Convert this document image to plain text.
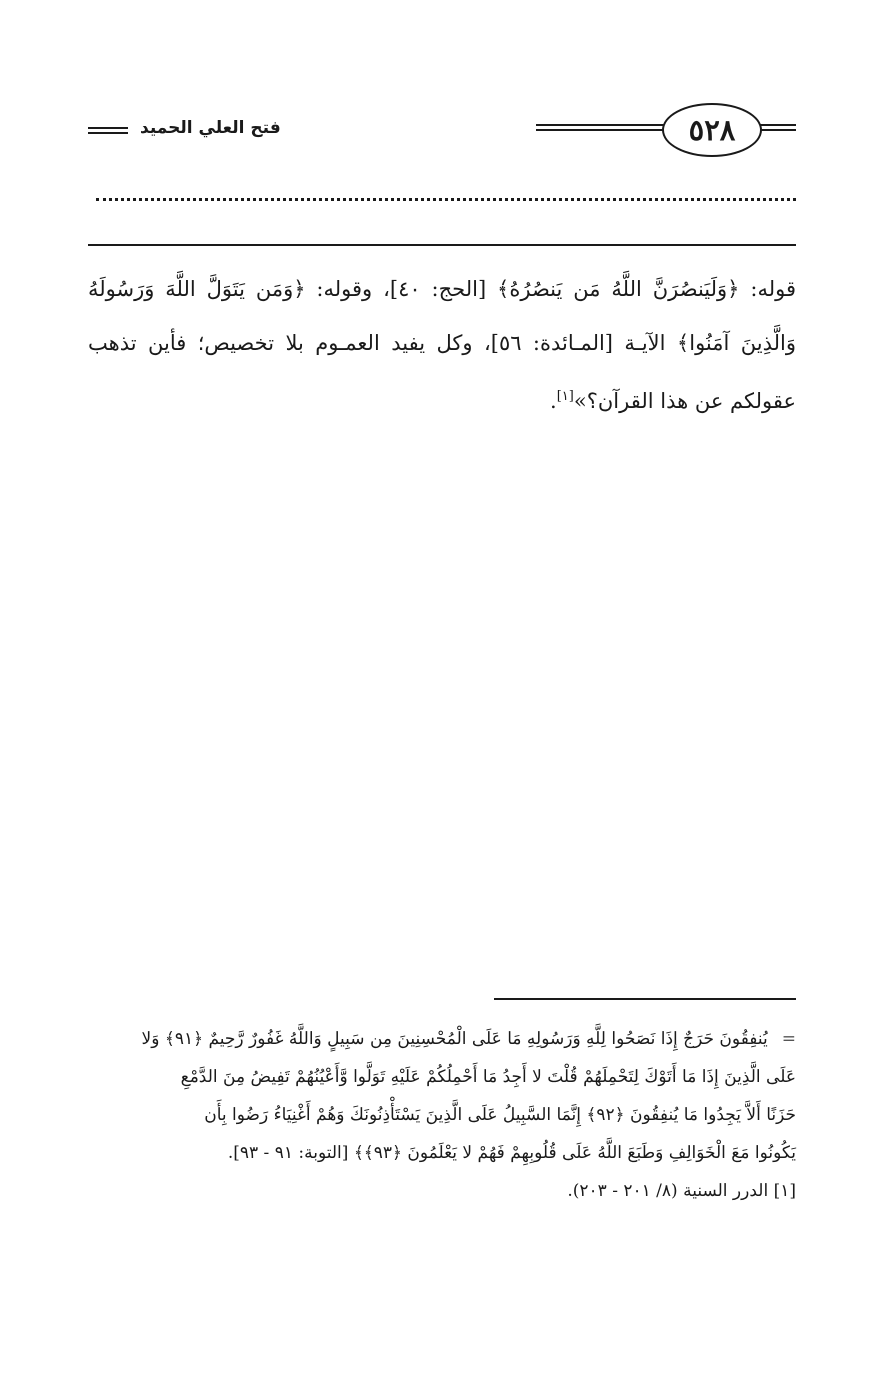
فتح العلي الحميد	٥٢٨
قوله: ﴿وَلَيَنصُرَنَّ اللَّهُ مَن يَنصُرُهُ﴾ [الحج: ٤٠]، وقوله: ﴿وَمَن يَتَوَلَّ اللَّهَ وَرَسُولَهُ وَالَّذِينَ آمَنُوا﴾ الآيـة [المـائدة: ٥٦]، وكل يفيد العمـوم بلا تخصيص؛ فأين تذهب عقولكم عن هذا القرآن؟»[١].
=يُنفِقُونَ حَرَجٌ إِذَا نَصَحُوا لِلَّهِ وَرَسُولِهِ مَا عَلَى الْمُحْسِنِينَ مِن سَبِيلٍ وَاللَّهُ غَفُورٌ رَّحِيمٌ ﴿٩١﴾ وَلا
عَلَى الَّذِينَ إِذَا مَا أَتَوْكَ لِتَحْمِلَهُمْ قُلْتَ لا أَجِدُ مَا أَحْمِلُكُمْ عَلَيْهِ تَوَلَّوا وَّأَعْيُنُهُمْ تَفِيضُ مِنَ الدَّمْعِ
حَزَنًا أَلاَّ يَجِدُوا مَا يُنفِقُونَ ﴿٩٢﴾ إِنَّمَا السَّبِيلُ عَلَى الَّذِينَ يَسْتَأْذِنُونَكَ وَهُمْ أَغْنِيَاءُ رَضُوا بِأَن
يَكُونُوا مَعَ الْخَوَالِفِ وَطَبَعَ اللَّهُ عَلَى قُلُوبِهِمْ فَهُمْ لا يَعْلَمُونَ ﴿٩٣﴾﴾ [التوبة: ٩١ - ٩٣].
[١] الدرر السنية (٨/ ٢٠١ - ٢٠٣).
